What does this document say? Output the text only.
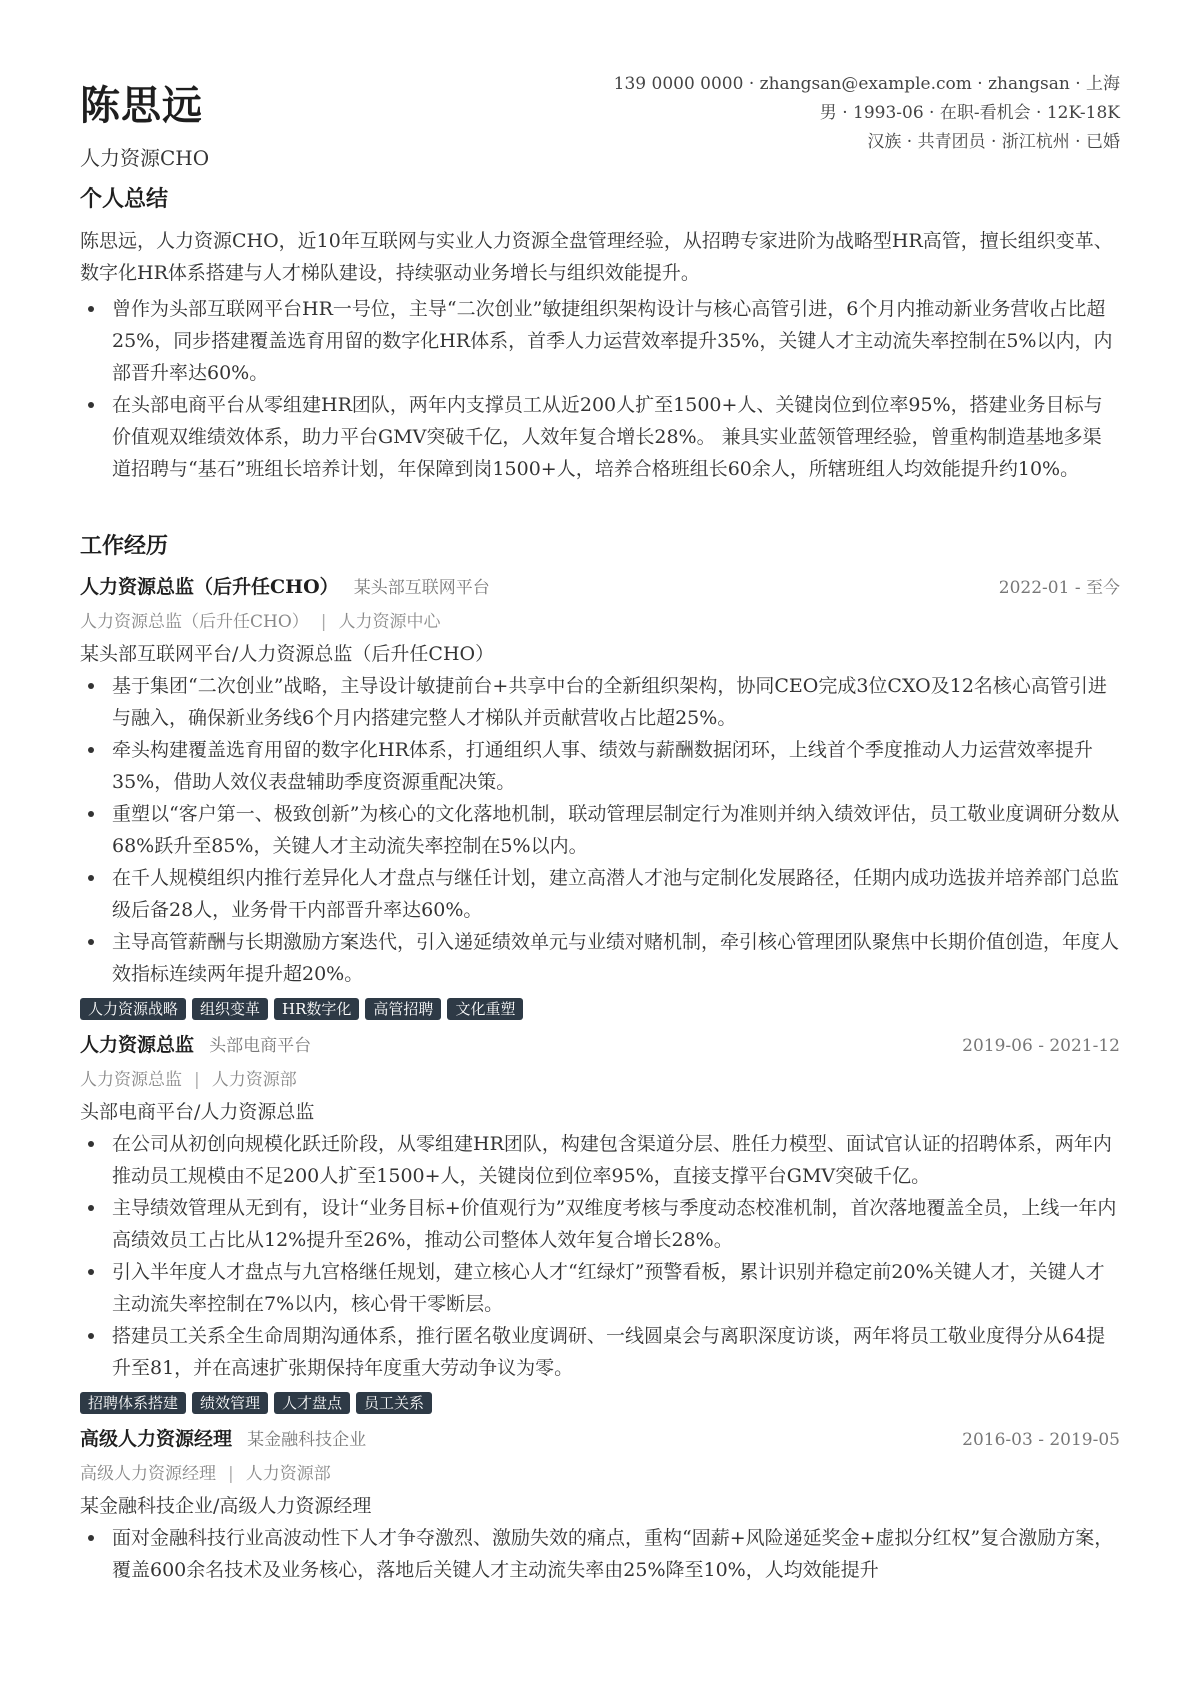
陈思远
人力资源CHO
139 0000 0000 · zhangsan@example.com · zhangsan · 上海
男 · 1993-06 · 在职-看机会 · 12K-18K
汉族 · 共青团员 · 浙江杭州 · 已婚
个人总结

陈思远，人力资源CHO，近10年互联网与实业人力资源全盘管理经验，从招聘专家进阶为战略型HR高管，擅长组织变革、数字化HR体系搭建与人才梯队建设，持续驱动业务增长与组织效能提升。

曾作为头部互联网平台HR一号位，主导“二次创业”敏捷组织架构设计与核心高管引进，6个月内推动新业务营收占比超25%，同步搭建覆盖选育用留的数字化HR体系，首季人力运营效率提升35%，关键人才主动流失率控制在5%以内，内部晋升率达60%。
在头部电商平台从零组建HR团队，两年内支撑员工从近200人扩至1500+人、关键岗位到位率95%，搭建业务目标与价值观双维绩效体系，助力平台GMV突破千亿，人效年复合增长28%。 兼具实业蓝领管理经验，曾重构制造基地多渠道招聘与“基石”班组长培养计划，年保障到岗1500+人，培养合格班组长60余人，所辖班组人均效能提升约10%。
工作经历
人力资源总监（后升任CHO） 某头部互联网平台	2022-01 - 至今
人力资源总监（后升任CHO） | 人力资源中心
某头部互联网平台/人力资源总监（后升任CHO）
基于集团“二次创业”战略，主导设计敏捷前台+共享中台的全新组织架构，协同CEO完成3位CXO及12名核心高管引进与融入，确保新业务线6个月内搭建完整人才梯队并贡献营收占比超25%。
牵头构建覆盖选育用留的数字化HR体系，打通组织人事、绩效与薪酬数据闭环，上线首个季度推动人力运营效率提升35%，借助人效仪表盘辅助季度资源重配决策。
重塑以“客户第一、极致创新”为核心的文化落地机制，联动管理层制定行为准则并纳入绩效评估，员工敬业度调研分数从68%跃升至85%，关键人才主动流失率控制在5%以内。
在千人规模组织内推行差异化人才盘点与继任计划，建立高潜人才池与定制化发展路径，任期内成功选拔并培养部门总监级后备28人，业务骨干内部晋升率达60%。
主导高管薪酬与长期激励方案迭代，引入递延绩效单元与业绩对赌机制，牵引核心管理团队聚焦中长期价值创造，年度人效指标连续两年提升超20%。
人力资源战略	组织变革	HR数字化	高管招聘	文化重塑
人力资源总监 头部电商平台	2019-06 - 2021-12
人力资源总监 | 人力资源部
头部电商平台/人力资源总监
在公司从初创向规模化跃迁阶段，从零组建HR团队，构建包含渠道分层、胜任力模型、面试官认证的招聘体系，两年内推动员工规模由不足200人扩至1500+人，关键岗位到位率95%，直接支撑平台GMV突破千亿。
主导绩效管理从无到有，设计“业务目标+价值观行为”双维度考核与季度动态校准机制，首次落地覆盖全员，上线一年内高绩效员工占比从12%提升至26%，推动公司整体人效年复合增长28%。
引入半年度人才盘点与九宫格继任规划，建立核心人才“红绿灯”预警看板，累计识别并稳定前20%关键人才，关键人才主动流失率控制在7%以内，核心骨干零断层。
搭建员工关系全生命周期沟通体系，推行匿名敬业度调研、一线圆桌会与离职深度访谈，两年将员工敬业度得分从64提升至81，并在高速扩张期保持年度重大劳动争议为零。
招聘体系搭建	绩效管理	人才盘点	员工关系
高级人力资源经理 某金融科技企业	2016-03 - 2019-05
高级人力资源经理 | 人力资源部
某金融科技企业/高级人力资源经理
面对金融科技行业高波动性下人才争夺激烈、激励失效的痛点，重构“固薪+风险递延奖金+虚拟分红权”复合激励方案，覆盖600余名技术及业务核心，落地后关键人才主动流失率由25%降至10%，人均效能提升
